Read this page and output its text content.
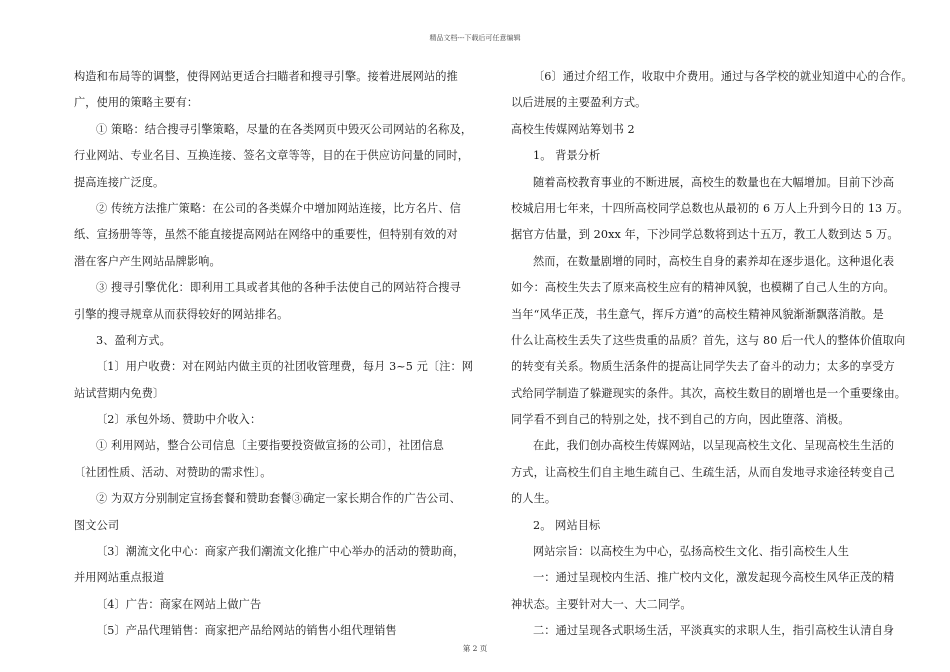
精品文档---下载后可任意编辑
构造和布局等的调整，使得网站更适合扫瞄者和搜寻引擎。接着进展网站的推
广，使用的策略主要有：
① 策略：结合搜寻引擎策略，尽量的在各类网页中毁灭公司网站的名称及，
行业网站、专业名目、互换连接、签名文章等等，目的在于供应访问量的同时，
提高连接广泛度。
② 传统方法推广策略：在公司的各类媒介中增加网站连接，比方名片、信
纸、宣扬册等等，虽然不能直接提高网站在网络中的重要性，但特别有效的对
潜在客户产生网站品牌影响。
③ 搜寻引擎优化：即利用工具或者其他的各种手法使自己的网站符合搜寻
引擎的搜寻规章从而获得较好的网站排名。
3、盈利方式。
〔1〕用户收费：对在网站内做主页的社团收管理费，每月 3~5 元〔注：网
站试营期内免费〕
〔2〕承包外场、赞助中介收入：
① 利用网站，整合公司信息〔主要指要投资做宣扬的公司〕，社团信息
〔社团性质、活动、对赞助的需求性〕。
② 为双方分别制定宣扬套餐和赞助套餐③确定一家长期合作的广告公司、
图文公司
〔3〕潮流文化中心：商家产我们潮流文化推广中心举办的活动的赞助商，
并用网站重点报道
〔4〕广告：商家在网站上做广告
〔5〕产品代理销售：商家把产品给网站的销售小组代理销售
〔6〕通过介绍工作，收取中介费用。通过与各学校的就业知道中心的合作。
以后进展的主要盈利方式。
高校生传媒网站筹划书 2
1。 背景分析
随着高校教育事业的不断进展，高校生的数量也在大幅增加。目前下沙高
校城启用七年来，十四所高校同学总数也从最初的 6 万人上升到今日的 13 万。
据官方估量，到 20xx 年，下沙同学总数将到达十五万，教工人数到达 5 万。
然而，在数量剧增的同时，高校生自身的素养却在逐步退化。这种退化表
如今：高校生失去了原来高校生应有的精神风貌，也模糊了自己人生的方向。
当年“风华正茂，书生意气，挥斥方遒”的高校生精神风貌渐渐飘落消散。是
什么让高校生丢失了这些贵重的品质？首先，这与 80 后一代人的整体价值取向
的转变有关系。物质生活条件的提高让同学失去了奋斗的动力；太多的享受方
式给同学制造了躲避现实的条件。其次，高校生数目的剧增也是一个重要缘由。
同学看不到自己的特别之处，找不到自己的方向，因此堕落、消极。
在此，我们创办高校生传媒网站，以呈现高校生文化、呈现高校生生活的
方式，让高校生们自主地生疏自己、生疏生活，从而自发地寻求途径转变自己
的人生。
2。 网站目标
网站宗旨：以高校生为中心，弘扬高校生文化、指引高校生人生
一：通过呈现校内生活、推广校内文化，激发起现今高校生风华正茂的精
神状态。主要针对大一、大二同学。
二：通过呈现各式职场生活，平淡真实的求职人生，指引高校生认清自身
第 2 页
